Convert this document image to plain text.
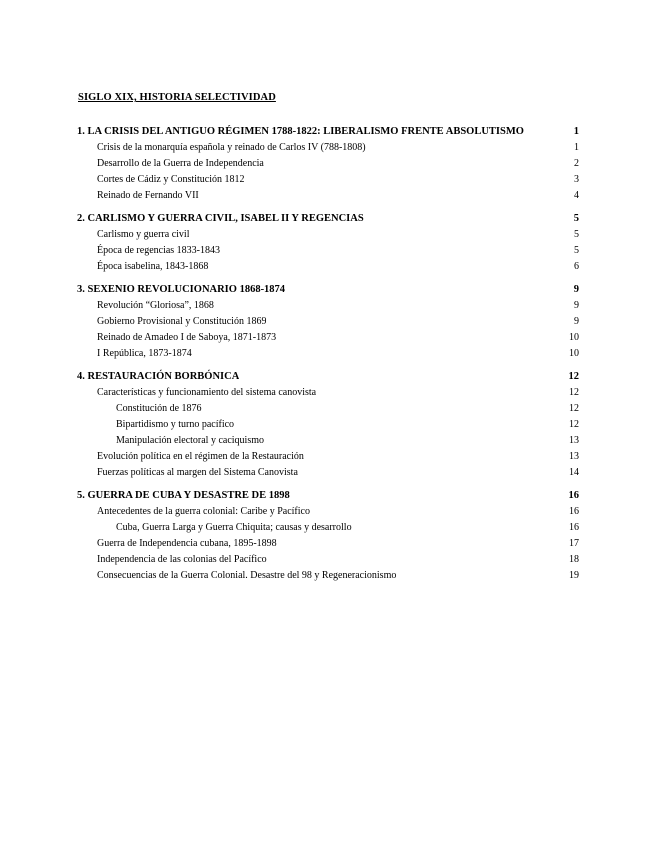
SIGLO XIX, HISTORIA SELECTIVIDAD
1. LA CRISIS DEL ANTIGUO RÉGIMEN 1788-1822: LIBERALISMO FRENTE ABSOLUTISMO	1
Crisis de la monarquía española y reinado de Carlos IV (788-1808)	1
Desarrollo de la Guerra de Independencia	2
Cortes de Cádiz y Constitución 1812	3
Reinado de Fernando VII	4
2. CARLISMO Y GUERRA CIVIL, ISABEL II Y REGENCIAS	5
Carlismo y guerra civil	5
Época de regencias 1833-1843	5
Época isabelina, 1843-1868	6
3. SEXENIO REVOLUCIONARIO 1868-1874	9
Revolución “Gloriosa”, 1868	9
Gobierno Provisional y Constitución 1869	9
Reinado de Amadeo I de Saboya, 1871-1873	10
I República, 1873-1874	10
4. RESTAURACIÓN BORBÓNICA	12
Características y funcionamiento del sistema canovista	12
Constitución de 1876	12
Bipartidismo y turno pacífico	12
Manipulación electoral y caciquismo	13
Evolución política en el régimen de la Restauración	13
Fuerzas políticas al margen del Sistema Canovista	14
5. GUERRA DE CUBA Y DESASTRE DE 1898	16
Antecedentes de la guerra colonial: Caribe y Pacífico	16
Cuba, Guerra Larga y Guerra Chiquita; causas y desarrollo	16
Guerra de Independencia cubana, 1895-1898	17
Independencia de las colonias del Pacífico	18
Consecuencias de la Guerra Colonial. Desastre del 98 y Regeneracionismo	19
